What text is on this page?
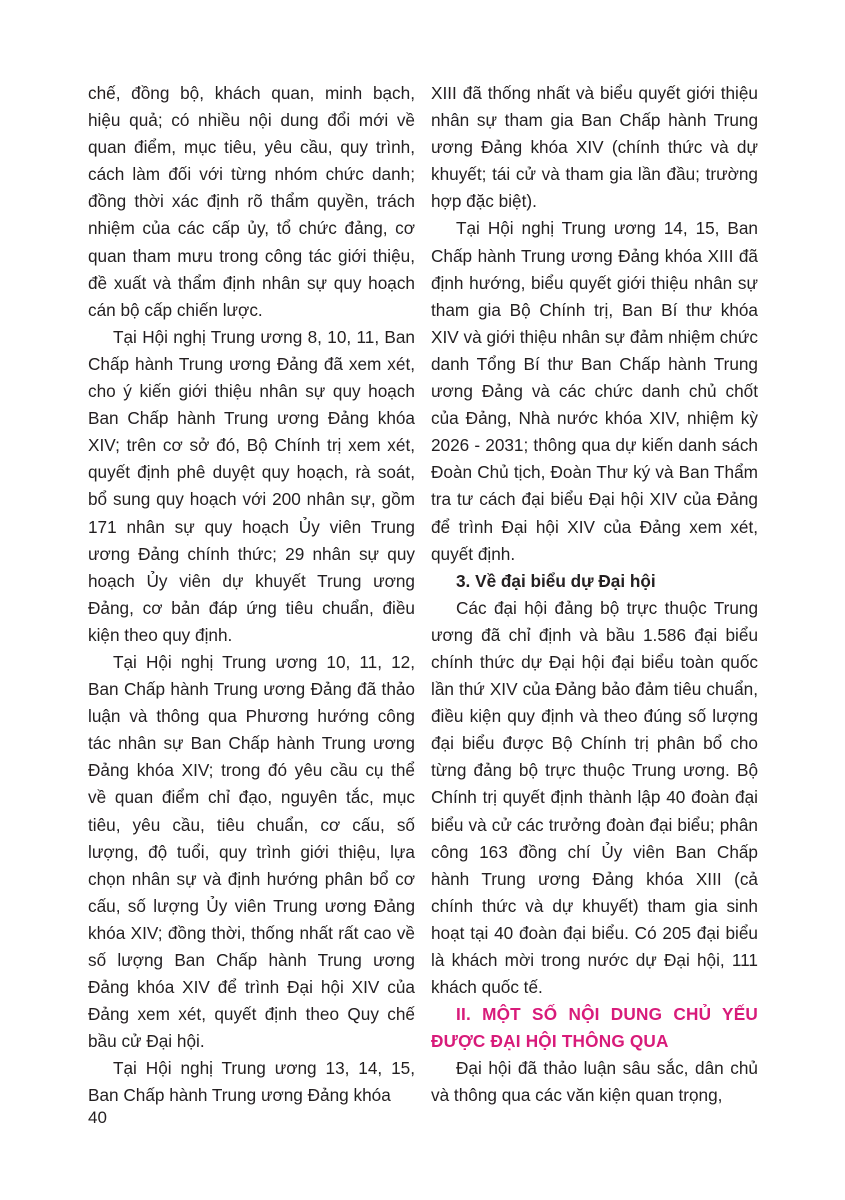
chế, đồng bộ, khách quan, minh bạch, hiệu quả; có nhiều nội dung đổi mới về quan điểm, mục tiêu, yêu cầu, quy trình, cách làm đối với từng nhóm chức danh; đồng thời xác định rõ thẩm quyền, trách nhiệm của các cấp ủy, tổ chức đảng, cơ quan tham mưu trong công tác giới thiệu, đề xuất và thẩm định nhân sự quy hoạch cán bộ cấp chiến lược.

Tại Hội nghị Trung ương 8, 10, 11, Ban Chấp hành Trung ương Đảng đã xem xét, cho ý kiến giới thiệu nhân sự quy hoạch Ban Chấp hành Trung ương Đảng khóa XIV; trên cơ sở đó, Bộ Chính trị xem xét, quyết định phê duyệt quy hoạch, rà soát, bổ sung quy hoạch với 200 nhân sự, gồm 171 nhân sự quy hoạch Ủy viên Trung ương Đảng chính thức; 29 nhân sự quy hoạch Ủy viên dự khuyết Trung ương Đảng, cơ bản đáp ứng tiêu chuẩn, điều kiện theo quy định.

Tại Hội nghị Trung ương 10, 11, 12, Ban Chấp hành Trung ương Đảng đã thảo luận và thông qua Phương hướng công tác nhân sự Ban Chấp hành Trung ương Đảng khóa XIV; trong đó yêu cầu cụ thể về quan điểm chỉ đạo, nguyên tắc, mục tiêu, yêu cầu, tiêu chuẩn, cơ cấu, số lượng, độ tuổi, quy trình giới thiệu, lựa chọn nhân sự và định hướng phân bổ cơ cấu, số lượng Ủy viên Trung ương Đảng khóa XIV; đồng thời, thống nhất rất cao về số lượng Ban Chấp hành Trung ương Đảng khóa XIV để trình Đại hội XIV của Đảng xem xét, quyết định theo Quy chế bầu cử Đại hội.

Tại Hội nghị Trung ương 13, 14, 15, Ban Chấp hành Trung ương Đảng khóa

XIII đã thống nhất và biểu quyết giới thiệu nhân sự tham gia Ban Chấp hành Trung ương Đảng khóa XIV (chính thức và dự khuyết; tái cử và tham gia lần đầu; trường hợp đặc biệt).

Tại Hội nghị Trung ương 14, 15, Ban Chấp hành Trung ương Đảng khóa XIII đã định hướng, biểu quyết giới thiệu nhân sự tham gia Bộ Chính trị, Ban Bí thư khóa XIV và giới thiệu nhân sự đảm nhiệm chức danh Tổng Bí thư Ban Chấp hành Trung ương Đảng và các chức danh chủ chốt của Đảng, Nhà nước khóa XIV, nhiệm kỳ 2026 - 2031; thông qua dự kiến danh sách Đoàn Chủ tịch, Đoàn Thư ký và Ban Thẩm tra tư cách đại biểu Đại hội XIV của Đảng để trình Đại hội XIV của Đảng xem xét, quyết định.

3. Về đại biểu dự Đại hội

Các đại hội đảng bộ trực thuộc Trung ương đã chỉ định và bầu 1.586 đại biểu chính thức dự Đại hội đại biểu toàn quốc lần thứ XIV của Đảng bảo đảm tiêu chuẩn, điều kiện quy định và theo đúng số lượng đại biểu được Bộ Chính trị phân bổ cho từng đảng bộ trực thuộc Trung ương. Bộ Chính trị quyết định thành lập 40 đoàn đại biểu và cử các trưởng đoàn đại biểu; phân công 163 đồng chí Ủy viên Ban Chấp hành Trung ương Đảng khóa XIII (cả chính thức và dự khuyết) tham gia sinh hoạt tại 40 đoàn đại biểu. Có 205 đại biểu là khách mời trong nước dự Đại hội, 111 khách quốc tế.

II. MỘT SỐ NỘI DUNG CHỦ YẾU ĐƯỢC ĐẠI HỘI THÔNG QUA

Đại hội đã thảo luận sâu sắc, dân chủ và thông qua các văn kiện quan trọng,

40
